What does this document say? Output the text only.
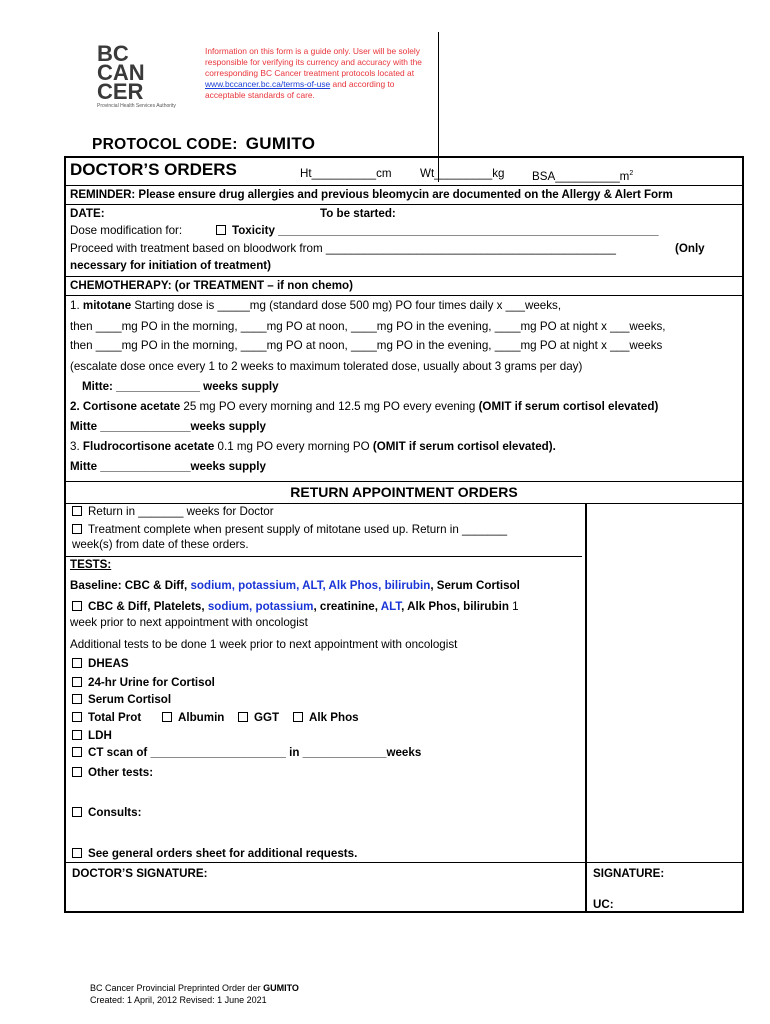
BC
CAN
CER
Provincial Health Services Authority
Information on this form is a guide only. User will be solely responsible for verifying its currency and accuracy with the corresponding BC Cancer treatment protocols located at www.bccancer.bc.ca/terms-of-use and according to acceptable standards of care.
PROTOCOL CODE: GUMITO
DOCTOR’S ORDERS	Ht__________cm Wt_________kg $BSA\_\_\_\_\_\_\_\_\_\_m^2$
REMINDER: Please ensure drug allergies and previous bleomycin are documented on the Allergy & Alert Form
DATE:	To be started:
Dose modification for:	Toxicity ___________________________________________________________
Proceed with treatment based on bloodwork from _____________________________________________	(Only
necessary for initiation of treatment)
CHEMOTHERAPY: (or TREATMENT – if non chemo)
1. mitotane Starting dose is _____mg (standard dose 500 mg) PO four times daily x ___weeks,
then ____mg PO in the morning, ____mg PO at noon, ____mg PO in the evening, ____mg PO at night x ___weeks,
then ____mg PO in the morning, ____mg PO at noon, ____mg PO in the evening, ____mg PO at night x ___weeks
(escalate dose once every 1 to 2 weeks to maximum tolerated dose, usually about 3 grams per day)
Mitte: _____________ weeks supply
2. Cortisone acetate 25 mg PO every morning and 12.5 mg PO every evening (OMIT if serum cortisol elevated)
Mitte ______________weeks supply
3. Fludrocortisone acetate 0.1 mg PO every morning PO (OMIT if serum cortisol elevated).
Mitte ______________weeks supply
RETURN APPOINTMENT ORDERS
Return in _______ weeks for Doctor
Treatment complete when present supply of mitotane used up. Return in _______
week(s) from date of these orders.
TESTS:
Baseline: CBC & Diff, sodium, potassium, ALT, Alk Phos, bilirubin, Serum Cortisol
CBC & Diff, Platelets, sodium, potassium, creatinine, ALT, Alk Phos, bilirubin 1
week prior to next appointment with oncologist
Additional tests to be done 1 week prior to next appointment with oncologist
DHEAS
24-hr Urine for Cortisol
Serum Cortisol
Total Prot	Albumin	GGT	Alk Phos
LDH
CT scan of _____________________ in _____________weeks
Other tests:
Consults:
See general orders sheet for additional requests.
DOCTOR’S SIGNATURE:	SIGNATURE:
UC:
BC Cancer Provincial Preprinted Order der GUMITO
Created: 1 April, 2012 Revised: 1 June 2021
